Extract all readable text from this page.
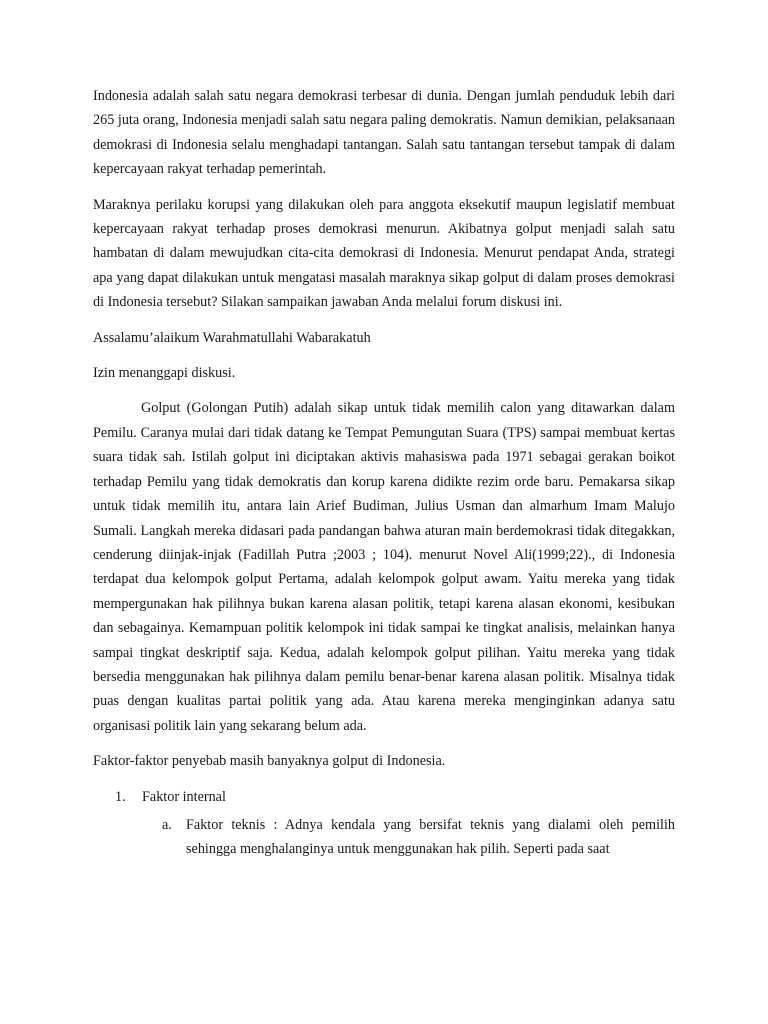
Indonesia adalah salah satu negara demokrasi terbesar di dunia. Dengan jumlah penduduk lebih dari 265 juta orang, Indonesia menjadi salah satu negara paling demokratis. Namun demikian, pelaksanaan demokrasi di Indonesia selalu menghadapi tantangan. Salah satu tantangan tersebut tampak di dalam kepercayaan rakyat terhadap pemerintah.

Maraknya perilaku korupsi yang dilakukan oleh para anggota eksekutif maupun legislatif membuat kepercayaan rakyat terhadap proses demokrasi menurun. Akibatnya golput menjadi salah satu hambatan di dalam mewujudkan cita-cita demokrasi di Indonesia. Menurut pendapat Anda, strategi apa yang dapat dilakukan untuk mengatasi masalah maraknya sikap golput di dalam proses demokrasi di Indonesia tersebut? Silakan sampaikan jawaban Anda melalui forum diskusi ini.

Assalamu’alaikum Warahmatullahi Wabarakatuh

Izin menanggapi diskusi.

Golput (Golongan Putih) adalah sikap untuk tidak memilih calon yang ditawarkan dalam Pemilu. Caranya mulai dari tidak datang ke Tempat Pemungutan Suara (TPS) sampai membuat kertas suara tidak sah. Istilah golput ini diciptakan aktivis mahasiswa pada 1971 sebagai gerakan boikot terhadap Pemilu yang tidak demokratis dan korup karena didikte rezim orde baru. Pemakarsa sikap untuk tidak memilih itu, antara lain Arief Budiman, Julius Usman dan almarhum Imam Malujo Sumali. Langkah mereka didasari pada pandangan bahwa aturan main berdemokrasi tidak ditegakkan, cenderung diinjak-injak (Fadillah Putra ;2003 ; 104). menurut Novel Ali(1999;22)., di Indonesia terdapat dua kelompok golput Pertama, adalah kelompok golput awam. Yaitu mereka yang tidak mempergunakan hak pilihnya bukan karena alasan politik, tetapi karena alasan ekonomi, kesibukan dan sebagainya. Kemampuan politik kelompok ini tidak sampai ke tingkat analisis, melainkan hanya sampai tingkat deskriptif saja. Kedua, adalah kelompok golput pilihan. Yaitu mereka yang tidak bersedia menggunakan hak pilihnya dalam pemilu benar-benar karena alasan politik. Misalnya tidak puas dengan kualitas partai politik yang ada. Atau karena mereka menginginkan adanya satu organisasi politik lain yang sekarang belum ada.

Faktor-faktor penyebab masih banyaknya golput di Indonesia.

1.	Faktor internal
a. Faktor teknis : Adnya kendala yang bersifat teknis yang dialami oleh pemilih sehingga menghalanginya untuk menggunakan hak pilih. Seperti pada saat
